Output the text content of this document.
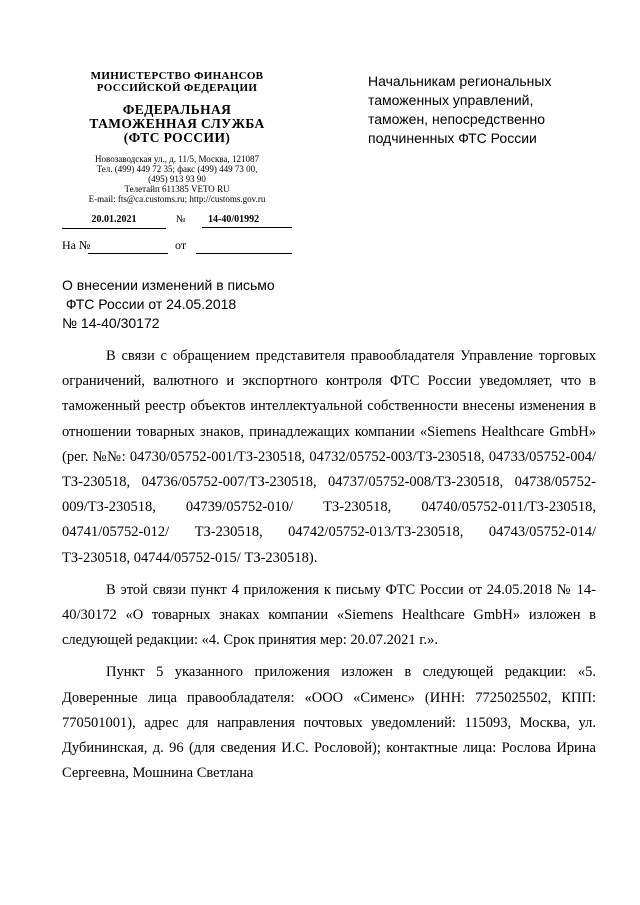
МИНИСТЕРСТВО ФИНАНСОВ
РОССИЙСКОЙ ФЕДЕРАЦИИ
ФЕДЕРАЛЬНАЯ
ТАМОЖЕННАЯ СЛУЖБА
(ФТС РОССИИ)
Новозаводская ул., д. 11/5, Москва, 121087
Тел. (499) 449 72 35; факс (499) 449 73 00,
(495) 913 93 90
Телетайп 611385 VETO RU
E-mail: fts@ca.customs.ru; http://customs.gov.ru
20.01.2021	№	14-40/01992
На №	от
Начальникам региональных
таможенных управлений,
таможен, непосредственно
подчиненных ФТС России
О внесении изменений в письмо
ФТС России от 24.05.2018
№ 14-40/30172

В связи с обращением представителя правообладателя Управление торговых ограничений, валютного и экспортного контроля ФТС России уведомляет, что в таможенный реестр объектов интеллектуальной собственности внесены изменения в отношении товарных знаков, принадлежащих компании «Siemens Healthcare GmbH» (рег. №№: 04730/05752-001/ТЗ-230518, 04732/05752-003/ТЗ-230518, 04733/05752-004/ТЗ-230518, 04736/05752-007/ТЗ-230518, 04737/05752-008/ТЗ-230518, 04738/05752-009/ТЗ-230518, 04739/05752-010/ ТЗ-230518, 04740/05752-011/ТЗ-230518, 04741/05752-012/ ТЗ-230518, 04742/05752-013/ТЗ-230518, 04743/05752-014/ТЗ-230518, 04744/05752-015/ ТЗ-230518).

В этой связи пункт 4 приложения к письму ФТС России от 24.05.2018 № 14-40/30172 «О товарных знаках компании «Siemens Healthcare GmbH» изложен в следующей редакции: «4. Срок принятия мер: 20.07.2021 г.».

Пункт 5 указанного приложения изложен в следующей редакции: «5. Доверенные лица правообладателя: «ООО «Сименс» (ИНН: 7725025502, КПП: 770501001), адрес для направления почтовых уведомлений: 115093, Москва, ул. Дубининская, д. 96 (для сведения И.С. Рословой); контактные лица: Рослова Ирина Сергеевна, Мошнина Светлана
